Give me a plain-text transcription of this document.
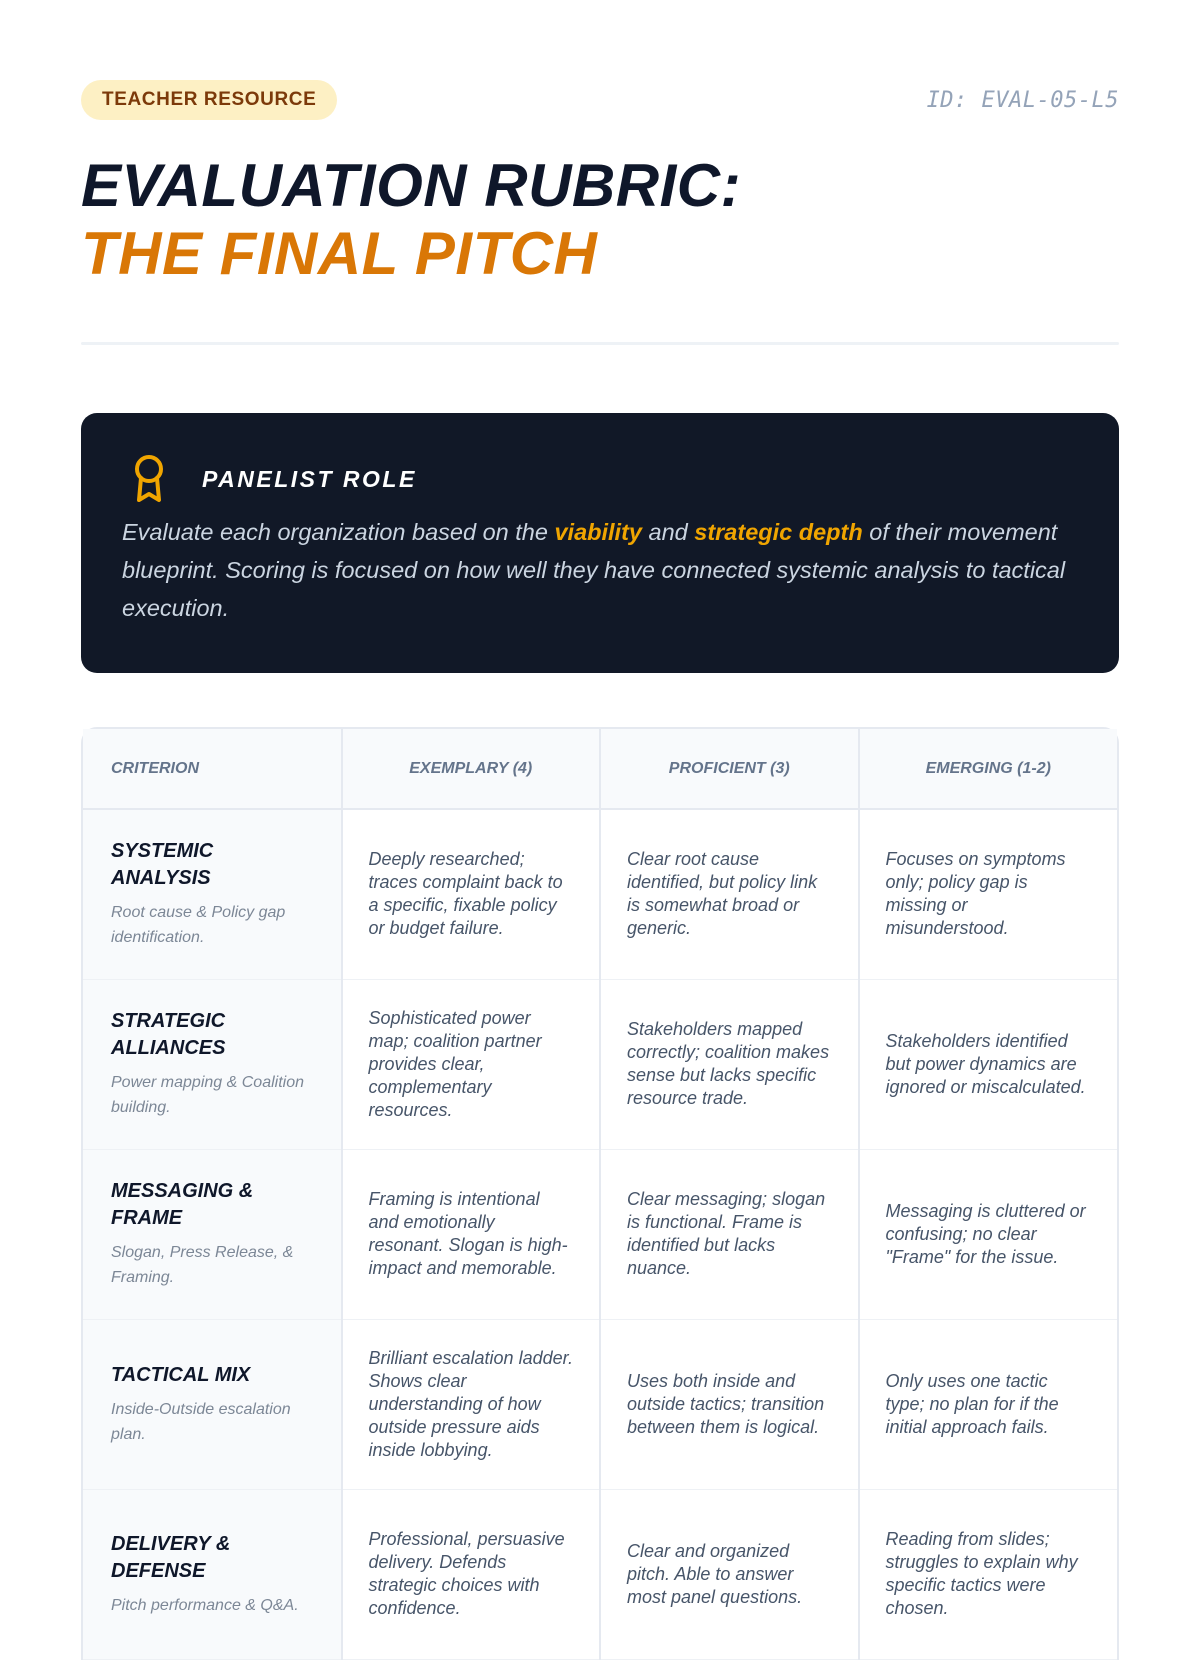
TEACHER RESOURCE	ID: EVAL-05-L5
EVALUATION RUBRIC:
THE FINAL PITCH
PANELIST ROLE

Evaluate each organization based on the viability and strategic depth of their movement blueprint. Scoring is focused on how well they have connected systemic analysis to tactical execution.

CRITERION	EXEMPLARY (4)	PROFICIENT (3)	EMERGING (1-2)

SYSTEMIC ANALYSIS
Root cause & Policy gap identification.	Deeply researched; traces complaint back to a specific, fixable policy or budget failure.	Clear root cause identified, but policy link is somewhat broad or generic.	Focuses on symptoms only; policy gap is missing or misunderstood.

STRATEGIC ALLIANCES
Power mapping & Coalition building.	Sophisticated power map; coalition partner provides clear, complementary resources.	Stakeholders mapped correctly; coalition makes sense but lacks specific resource trade.	Stakeholders identified but power dynamics are ignored or miscalculated.

MESSAGING & FRAME
Slogan, Press Release, & Framing.	Framing is intentional and emotionally resonant. Slogan is high-impact and memorable.	Clear messaging; slogan is functional. Frame is identified but lacks nuance.	Messaging is cluttered or confusing; no clear "Frame" for the issue.

TACTICAL MIX
Inside-Outside escalation plan.	Brilliant escalation ladder. Shows clear understanding of how outside pressure aids inside lobbying.	Uses both inside and outside tactics; transition between them is logical.	Only uses one tactic type; no plan for if the initial approach fails.

DELIVERY & DEFENSE
Pitch performance & Q&A.	Professional, persuasive delivery. Defends strategic choices with confidence.	Clear and organized pitch. Able to answer most panel questions.	Reading from slides; struggles to explain why specific tactics were chosen.
